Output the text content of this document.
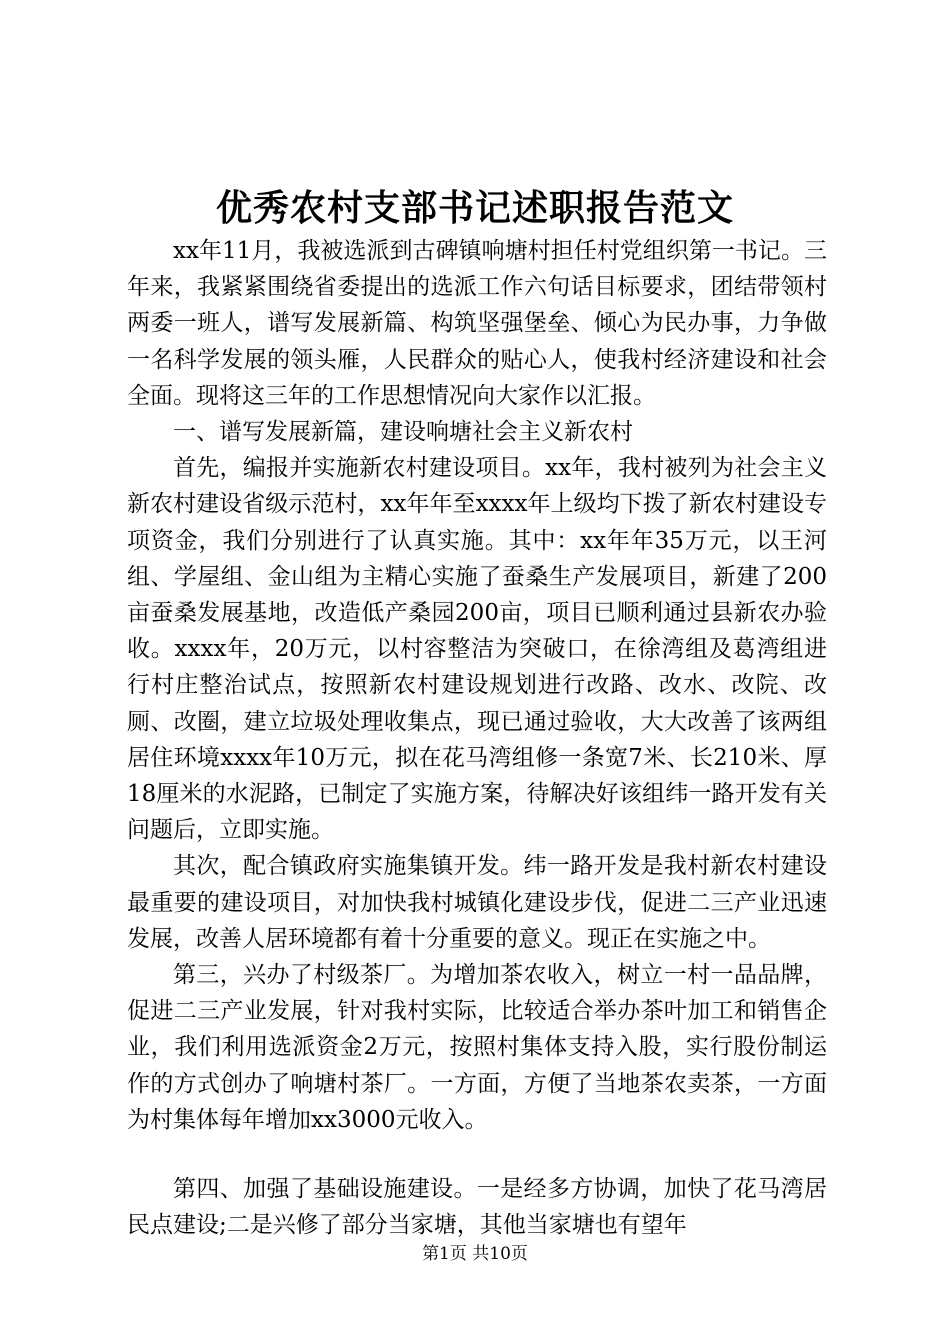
优秀农村支部书记述职报告范文

xx年11月，我被选派到古碑镇响塘村担任村党组织第一书记。三年来，我紧紧围绕省委提出的选派工作六句话目标要求，团结带领村两委一班人，谱写发展新篇、构筑坚强堡垒、倾心为民办事，力争做一名科学发展的领头雁，人民群众的贴心人，使我村经济建设和社会全面。现将这三年的工作思想情况向大家作以汇报。

一、谱写发展新篇，建设响塘社会主义新农村

首先，编报并实施新农村建设项目。xx年，我村被列为社会主义新农村建设省级示范村，xx年年至xxxx年上级均下拨了新农村建设专项资金，我们分别进行了认真实施。其中：xx年年35万元，以王河组、学屋组、金山组为主精心实施了蚕桑生产发展项目，新建了200亩蚕桑发展基地，改造低产桑园200亩，项目已顺利通过县新农办验收。xxxx年，20万元，以村容整洁为突破口，在徐湾组及葛湾组进行村庄整治试点，按照新农村建设规划进行改路、改水、改院、改厕、改圈，建立垃圾处理收集点，现已通过验收，大大改善了该两组居住环境xxxx年10万元，拟在花马湾组修一条宽7米、长210米、厚18厘米的水泥路，已制定了实施方案，待解决好该组纬一路开发有关问题后，立即实施。

其次，配合镇政府实施集镇开发。纬一路开发是我村新农村建设最重要的建设项目，对加快我村城镇化建设步伐，促进二三产业迅速发展，改善人居环境都有着十分重要的意义。现正在实施之中。

第三，兴办了村级茶厂。为增加茶农收入，树立一村一品品牌，促进二三产业发展，针对我村实际，比较适合举办茶叶加工和销售企业，我们利用选派资金2万元，按照村集体支持入股，实行股份制运作的方式创办了响塘村茶厂。一方面，方便了当地茶农卖茶，一方面为村集体每年增加xx3000元收入。

第四、加强了基础设施建设。一是经多方协调，加快了花马湾居民点建设;二是兴修了部分当家塘，其他当家塘也有望年

第1页 共10页
